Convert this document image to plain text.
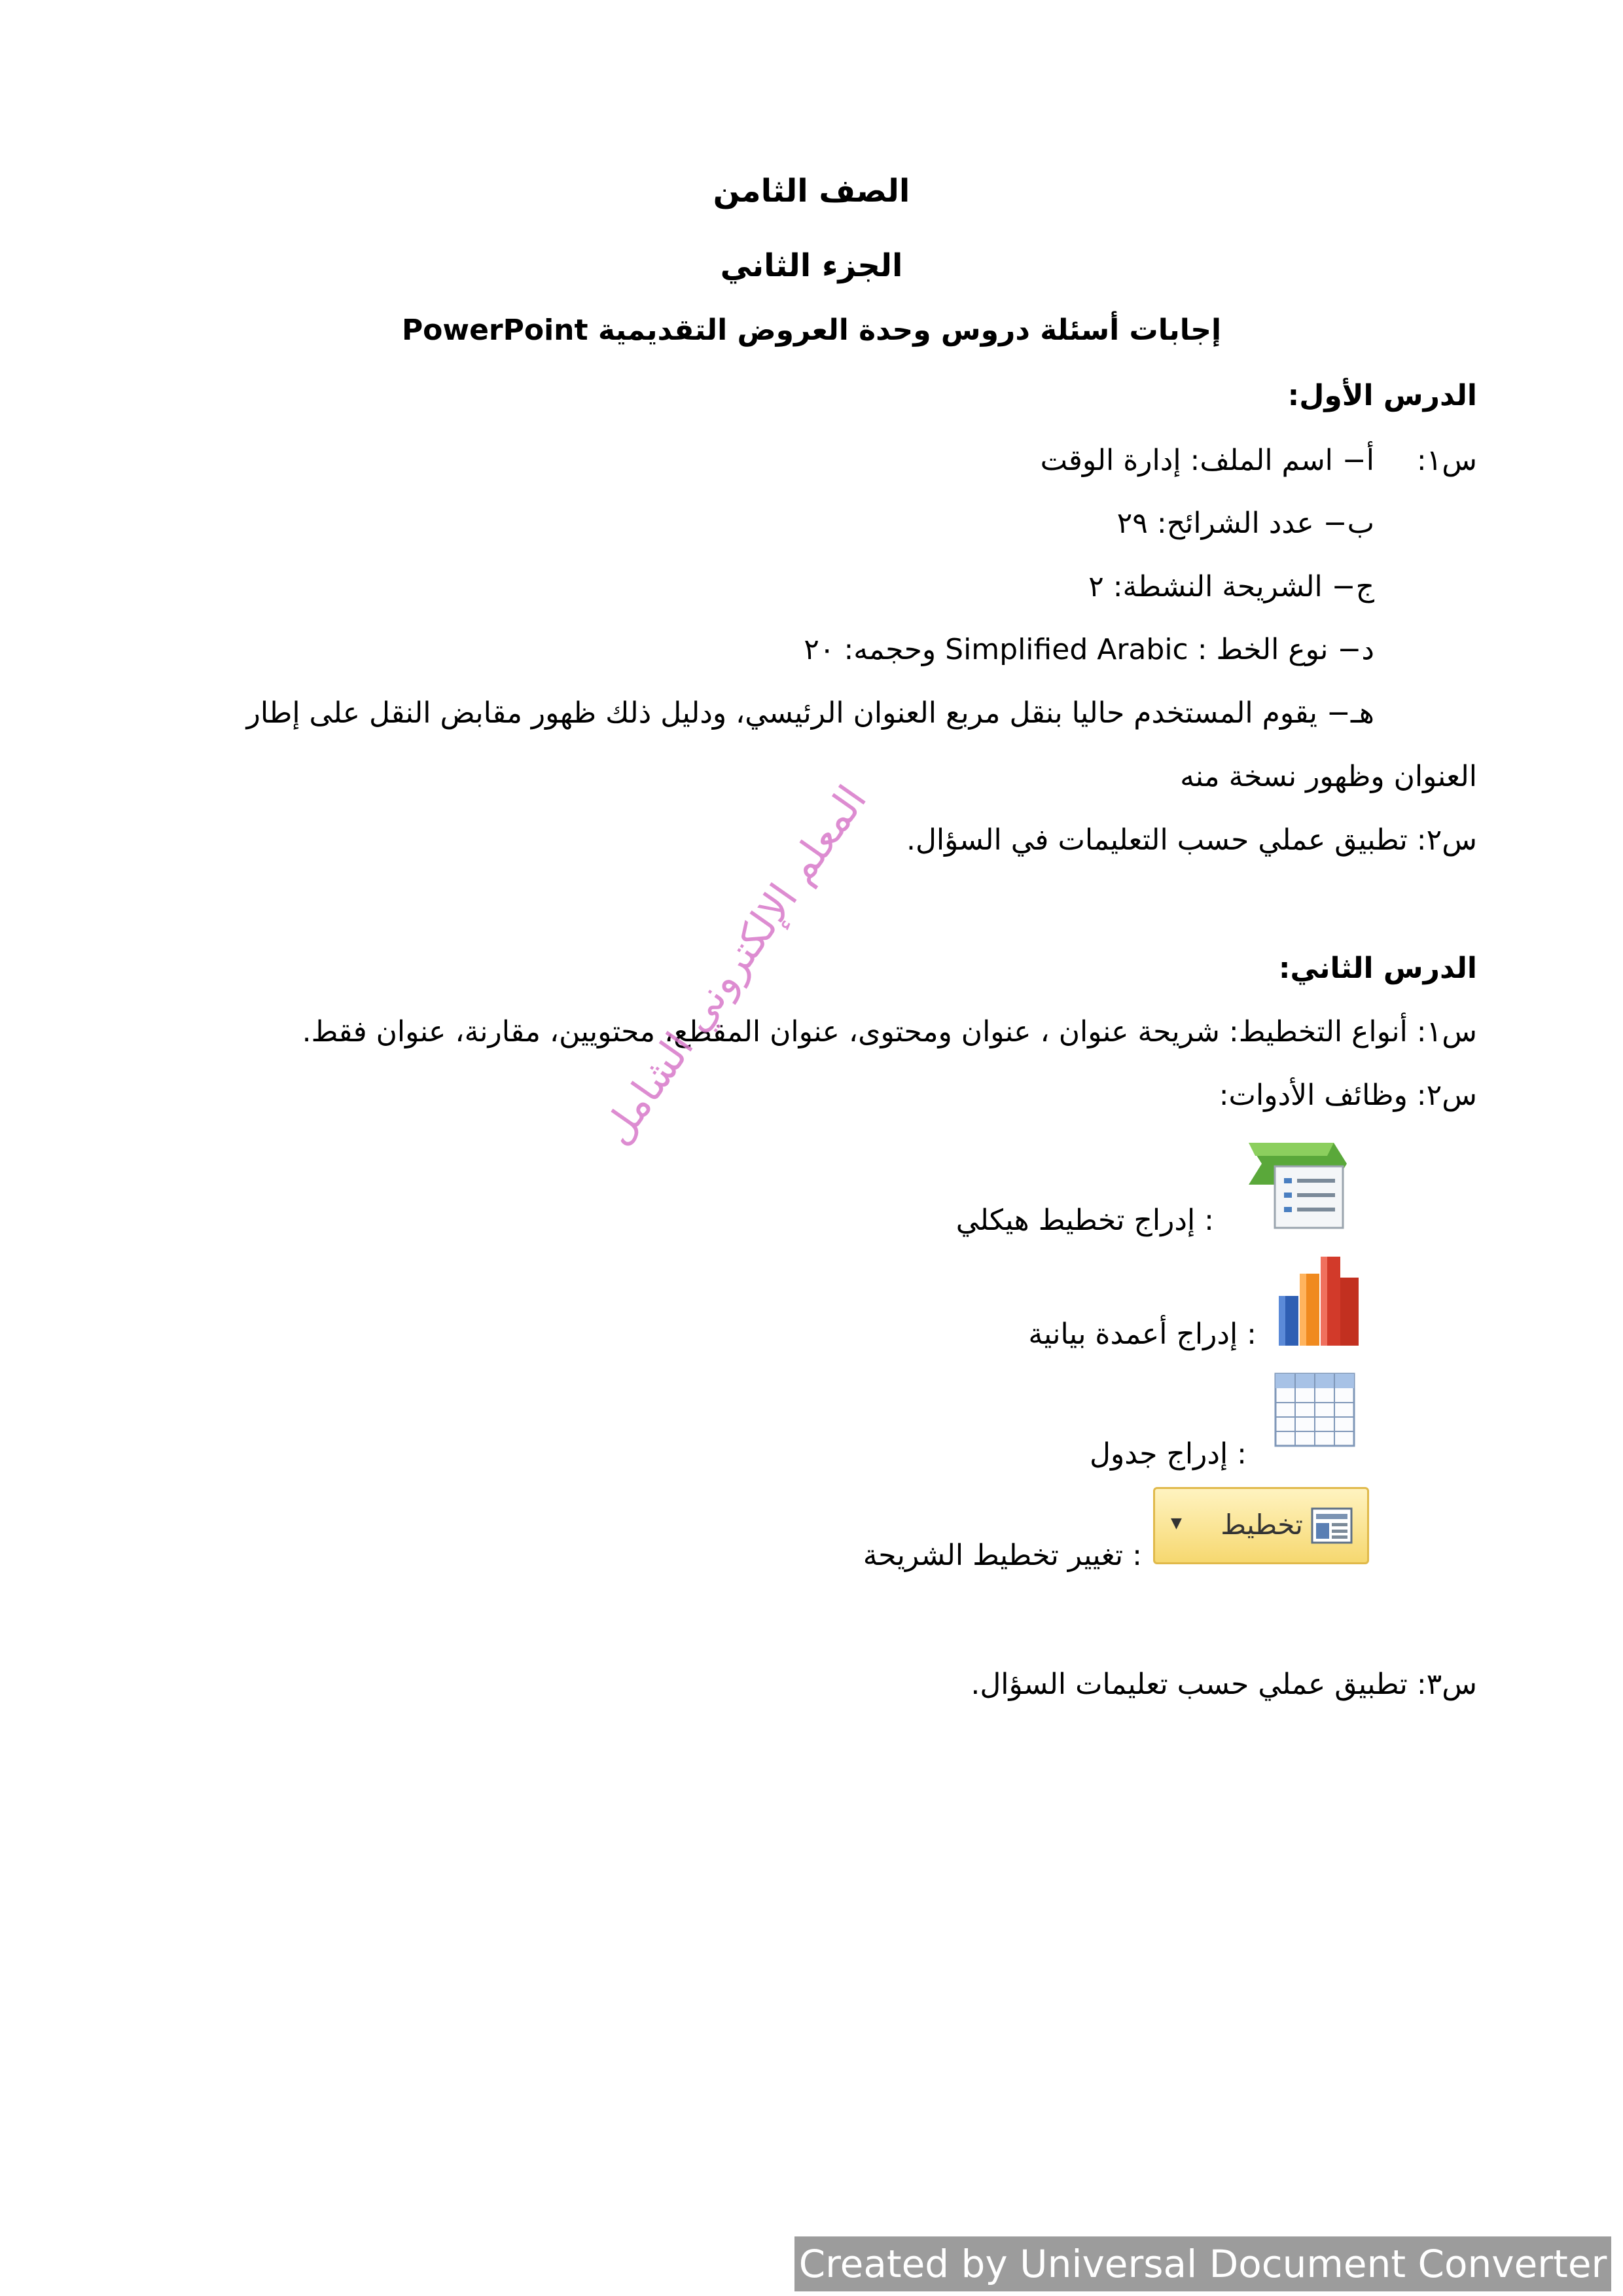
الصف الثامن
الجزء الثاني
إجابات أسئلة دروس وحدة العروض التقديمية PowerPoint
الدرس الأول:
س١:
أ− اسم الملف: إدارة الوقت
ب− عدد الشرائح: ٢٩
ج− الشريحة النشطة: ٢
د− نوع الخط : Simplified Arabic وحجمه: ٢٠
هـ− يقوم المستخدم حاليا بنقل مربع العنوان الرئيسي، ودليل ذلك ظهور مقابض النقل على إطار
العنوان وظهور نسخة منه
س٢: تطبيق عملي حسب التعليمات في السؤال.
الدرس الثاني:
س١: أنواع التخطيط: شريحة عنوان ، عنوان ومحتوى، عنوان المقطع، محتويين، مقارنة، عنوان فقط.
س٢: وظائف الأدوات:
: إدراج تخطيط هيكلي
: إدراج أعمدة بيانية
: إدراج جدول
تخطيط
▼
: تغيير تخطيط الشريحة
س٣: تطبيق عملي حسب تعليمات السؤال.
المعلم الإلكتروني الشامل
Created by Universal Document Converter
